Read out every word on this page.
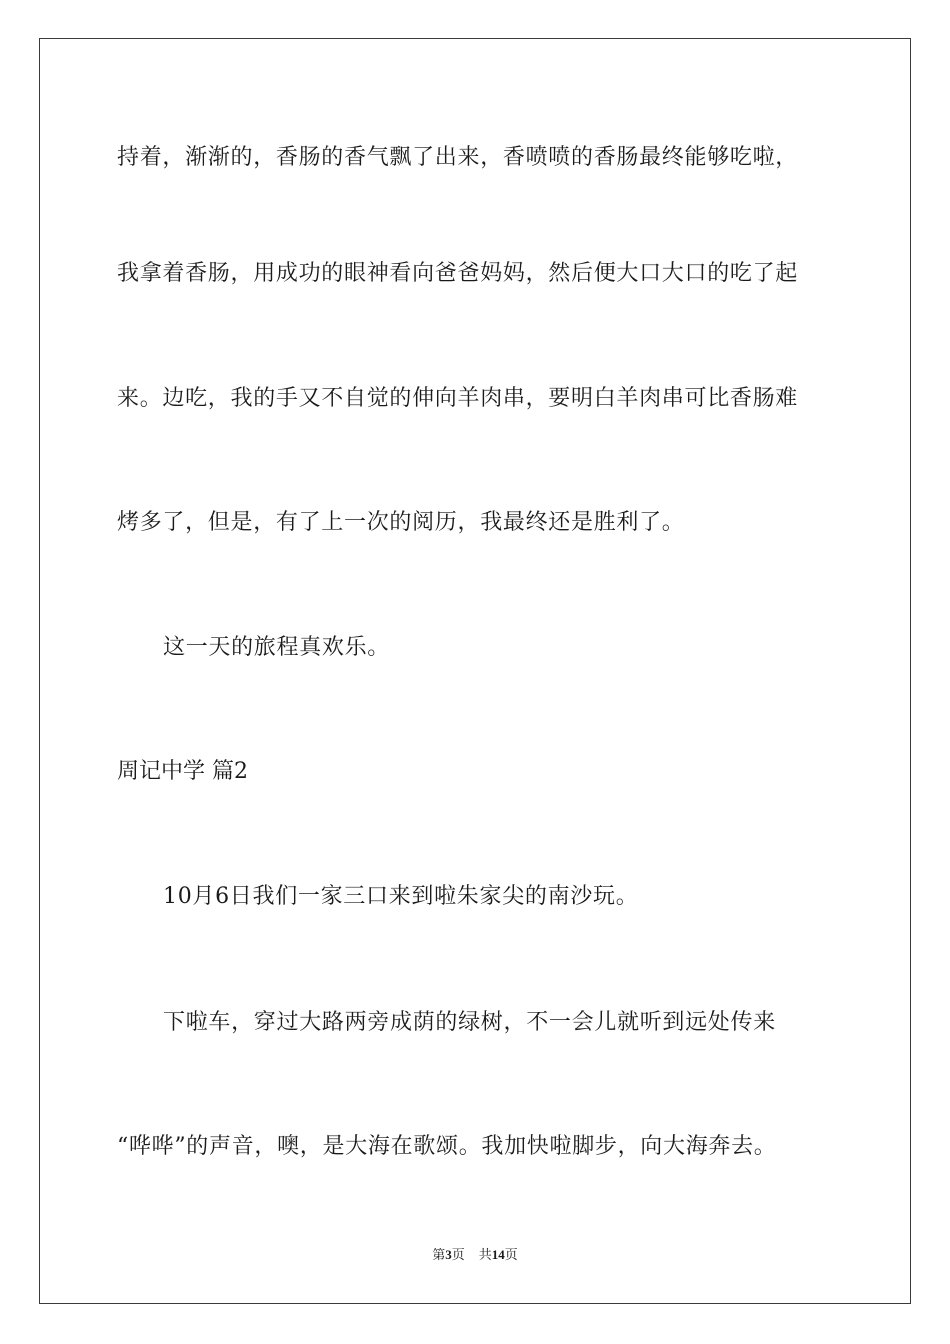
持着，渐渐的，香肠的香气飘了出来，香喷喷的香肠最终能够吃啦，
我拿着香肠，用成功的眼神看向爸爸妈妈，然后便大口大口的吃了起
来。边吃，我的手又不自觉的伸向羊肉串，要明白羊肉串可比香肠难
烤多了，但是，有了上一次的阅历，我最终还是胜利了。
这一天的旅程真欢乐。
周记中学 篇2
10月6日我们一家三口来到啦朱家尖的南沙玩。
下啦车，穿过大路两旁成荫的绿树，不一会儿就听到远处传来
“哗哗”的声音，噢，是大海在歌颂。我加快啦脚步，向大海奔去。
第3页 共14页
